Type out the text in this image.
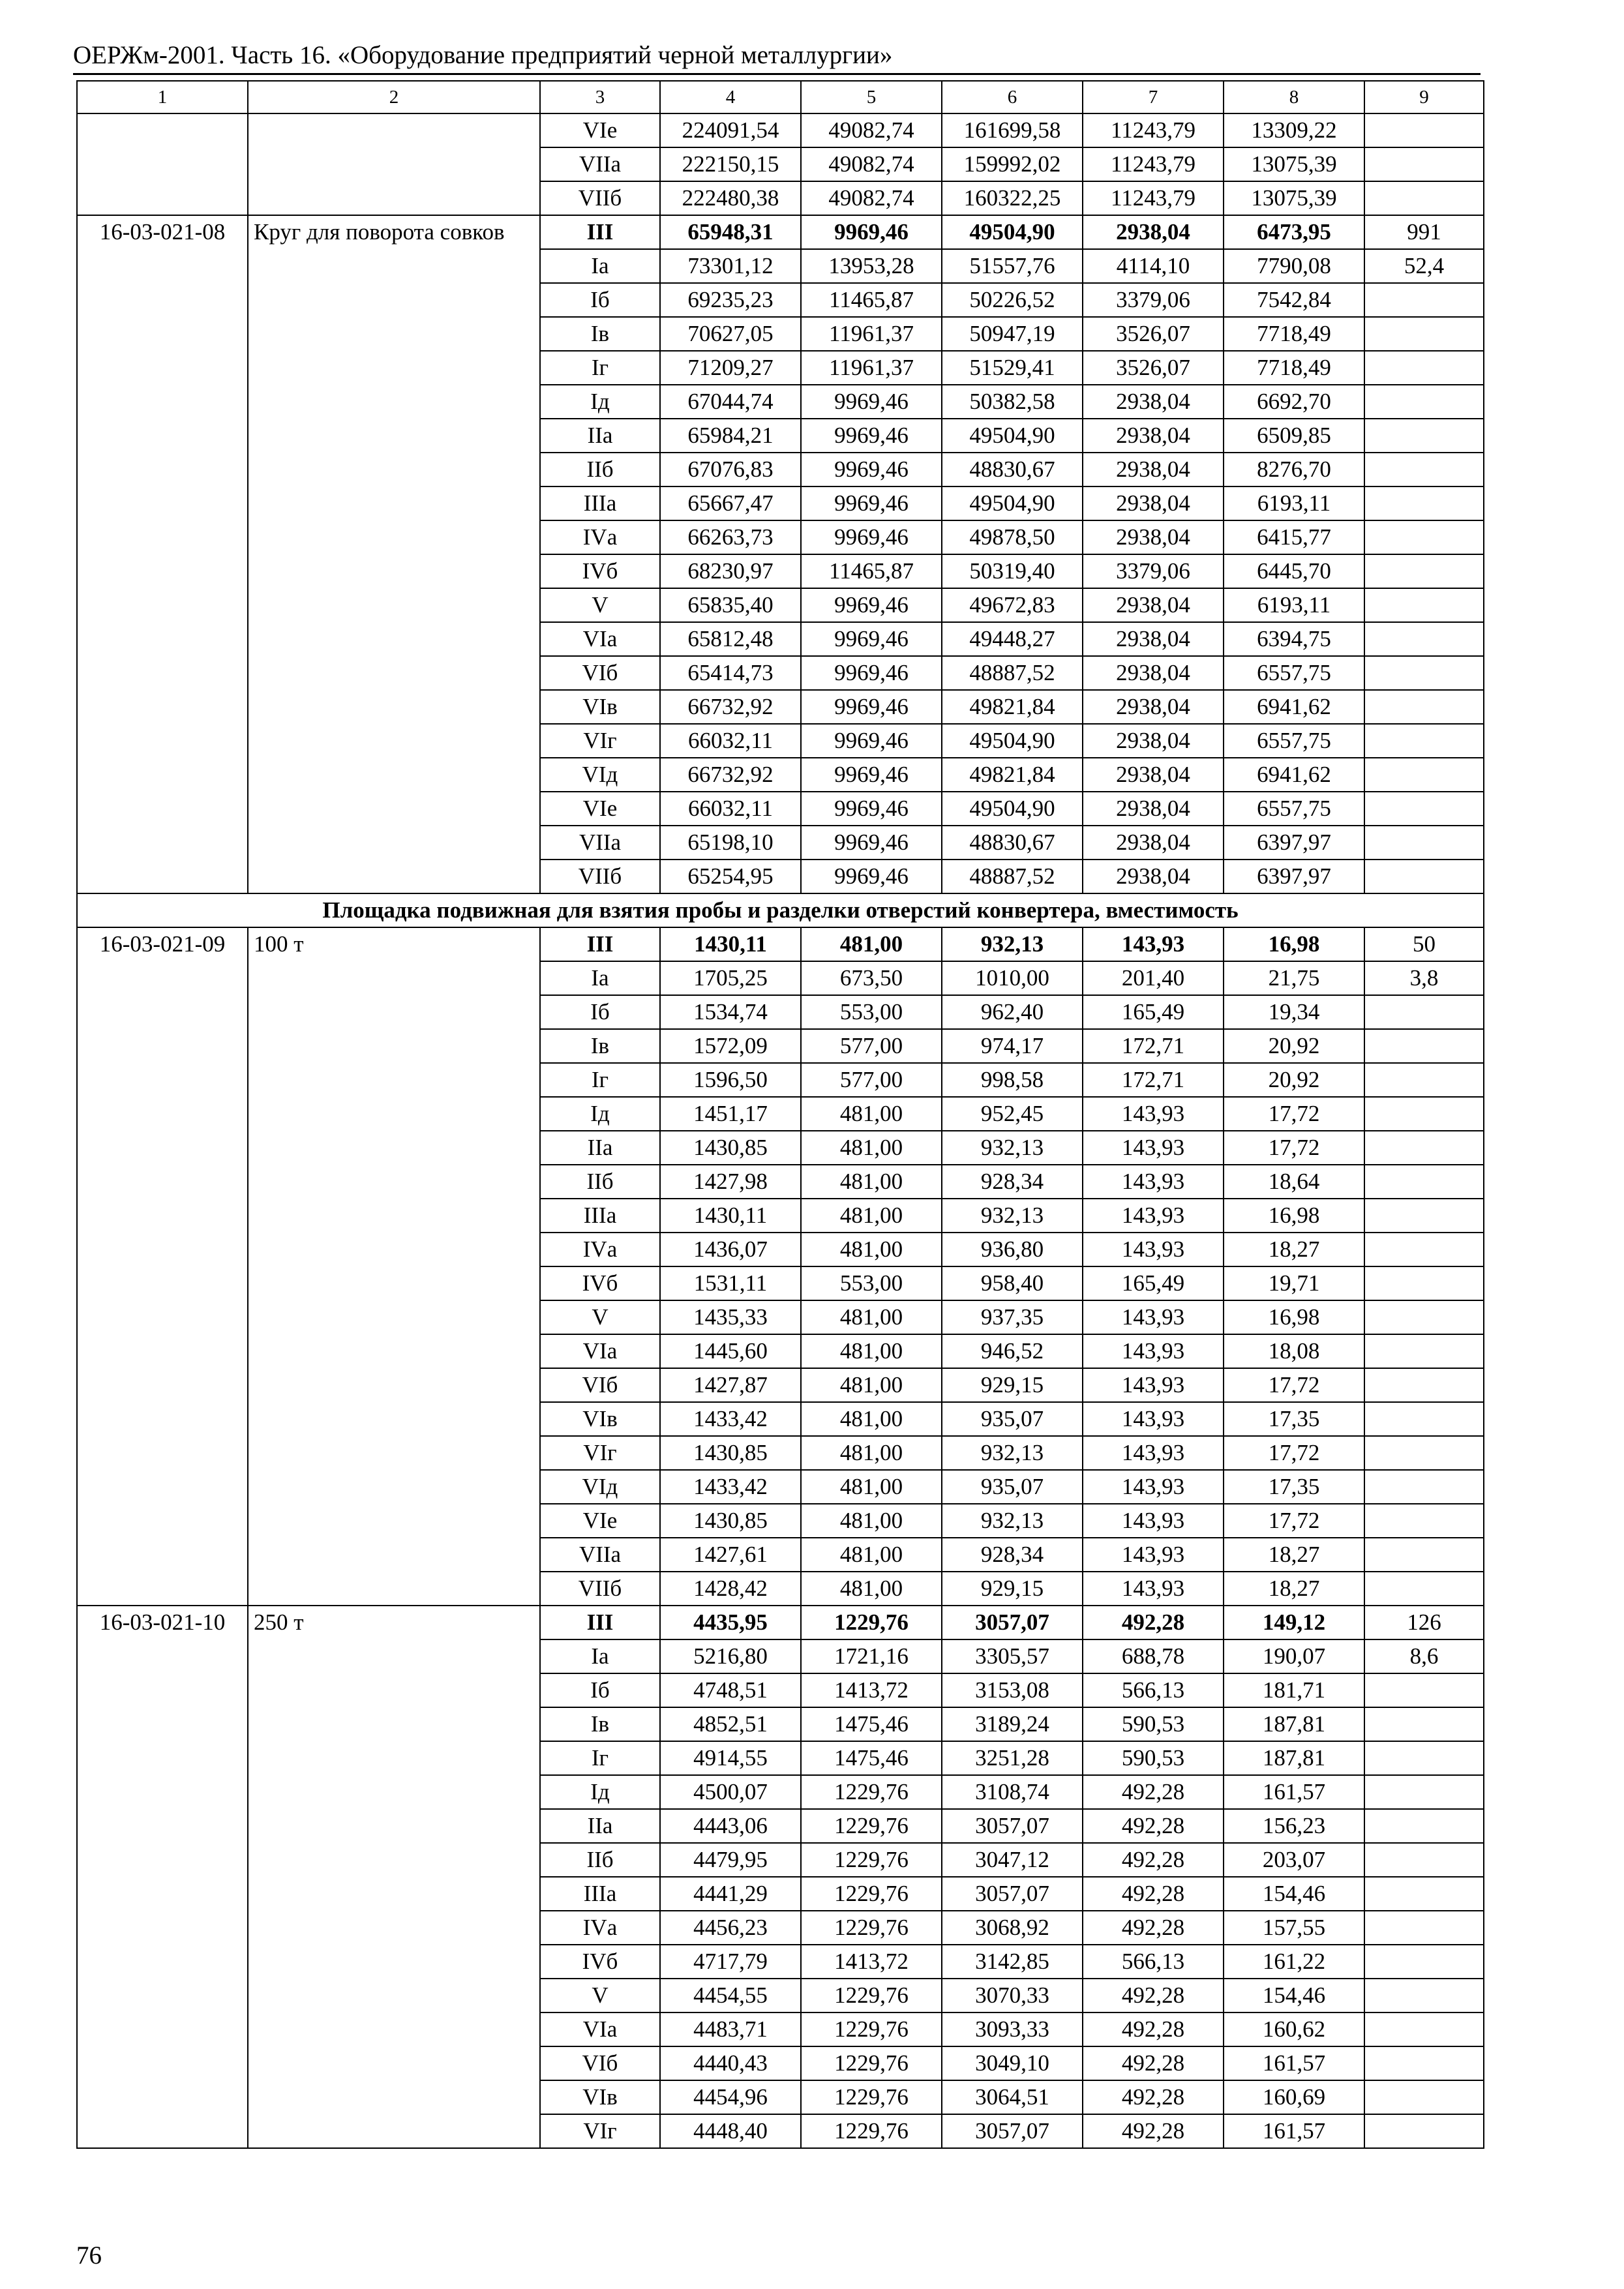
ОЕРЖм-2001. Часть 16. «Оборудование предприятий черной металлургии»
1	2	3	4	5	6	7	8	9
		VIе	224091,54	49082,74	161699,58	11243,79	13309,22	
		VIIа	222150,15	49082,74	159992,02	11243,79	13075,39	
		VIIб	222480,38	49082,74	160322,25	11243,79	13075,39	
16-03-021-08	Круг для поворота совков	III	65948,31	9969,46	49504,90	2938,04	6473,95	991
		Iа	73301,12	13953,28	51557,76	4114,10	7790,08	52,4
		Iб	69235,23	11465,87	50226,52	3379,06	7542,84	
		Iв	70627,05	11961,37	50947,19	3526,07	7718,49	
		Iг	71209,27	11961,37	51529,41	3526,07	7718,49	
		Iд	67044,74	9969,46	50382,58	2938,04	6692,70	
		IIа	65984,21	9969,46	49504,90	2938,04	6509,85	
		IIб	67076,83	9969,46	48830,67	2938,04	8276,70	
		IIIа	65667,47	9969,46	49504,90	2938,04	6193,11	
		IVа	66263,73	9969,46	49878,50	2938,04	6415,77	
		IVб	68230,97	11465,87	50319,40	3379,06	6445,70	
		V	65835,40	9969,46	49672,83	2938,04	6193,11	
		VIа	65812,48	9969,46	49448,27	2938,04	6394,75	
		VIб	65414,73	9969,46	48887,52	2938,04	6557,75	
		VIв	66732,92	9969,46	49821,84	2938,04	6941,62	
		VIг	66032,11	9969,46	49504,90	2938,04	6557,75	
		VIд	66732,92	9969,46	49821,84	2938,04	6941,62	
		VIе	66032,11	9969,46	49504,90	2938,04	6557,75	
		VIIа	65198,10	9969,46	48830,67	2938,04	6397,97	
		VIIб	65254,95	9969,46	48887,52	2938,04	6397,97	
Площадка подвижная для взятия пробы и разделки отверстий конвертера, вместимость								
16-03-021-09	100 т	III	1430,11	481,00	932,13	143,93	16,98	50
		Iа	1705,25	673,50	1010,00	201,40	21,75	3,8
		Iб	1534,74	553,00	962,40	165,49	19,34	
		Iв	1572,09	577,00	974,17	172,71	20,92	
		Iг	1596,50	577,00	998,58	172,71	20,92	
		Iд	1451,17	481,00	952,45	143,93	17,72	
		IIа	1430,85	481,00	932,13	143,93	17,72	
		IIб	1427,98	481,00	928,34	143,93	18,64	
		IIIа	1430,11	481,00	932,13	143,93	16,98	
		IVа	1436,07	481,00	936,80	143,93	18,27	
		IVб	1531,11	553,00	958,40	165,49	19,71	
		V	1435,33	481,00	937,35	143,93	16,98	
		VIа	1445,60	481,00	946,52	143,93	18,08	
		VIб	1427,87	481,00	929,15	143,93	17,72	
		VIв	1433,42	481,00	935,07	143,93	17,35	
		VIг	1430,85	481,00	932,13	143,93	17,72	
		VIд	1433,42	481,00	935,07	143,93	17,35	
		VIе	1430,85	481,00	932,13	143,93	17,72	
		VIIа	1427,61	481,00	928,34	143,93	18,27	
		VIIб	1428,42	481,00	929,15	143,93	18,27	
16-03-021-10	250 т	III	4435,95	1229,76	3057,07	492,28	149,12	126
		Iа	5216,80	1721,16	3305,57	688,78	190,07	8,6
		Iб	4748,51	1413,72	3153,08	566,13	181,71	
		Iв	4852,51	1475,46	3189,24	590,53	187,81	
		Iг	4914,55	1475,46	3251,28	590,53	187,81	
		Iд	4500,07	1229,76	3108,74	492,28	161,57	
		IIа	4443,06	1229,76	3057,07	492,28	156,23	
		IIб	4479,95	1229,76	3047,12	492,28	203,07	
		IIIа	4441,29	1229,76	3057,07	492,28	154,46	
		IVа	4456,23	1229,76	3068,92	492,28	157,55	
		IVб	4717,79	1413,72	3142,85	566,13	161,22	
		V	4454,55	1229,76	3070,33	492,28	154,46	
		VIа	4483,71	1229,76	3093,33	492,28	160,62	
		VIб	4440,43	1229,76	3049,10	492,28	161,57	
		VIв	4454,96	1229,76	3064,51	492,28	160,69	
		VIг	4448,40	1229,76	3057,07	492,28	161,57	
76
